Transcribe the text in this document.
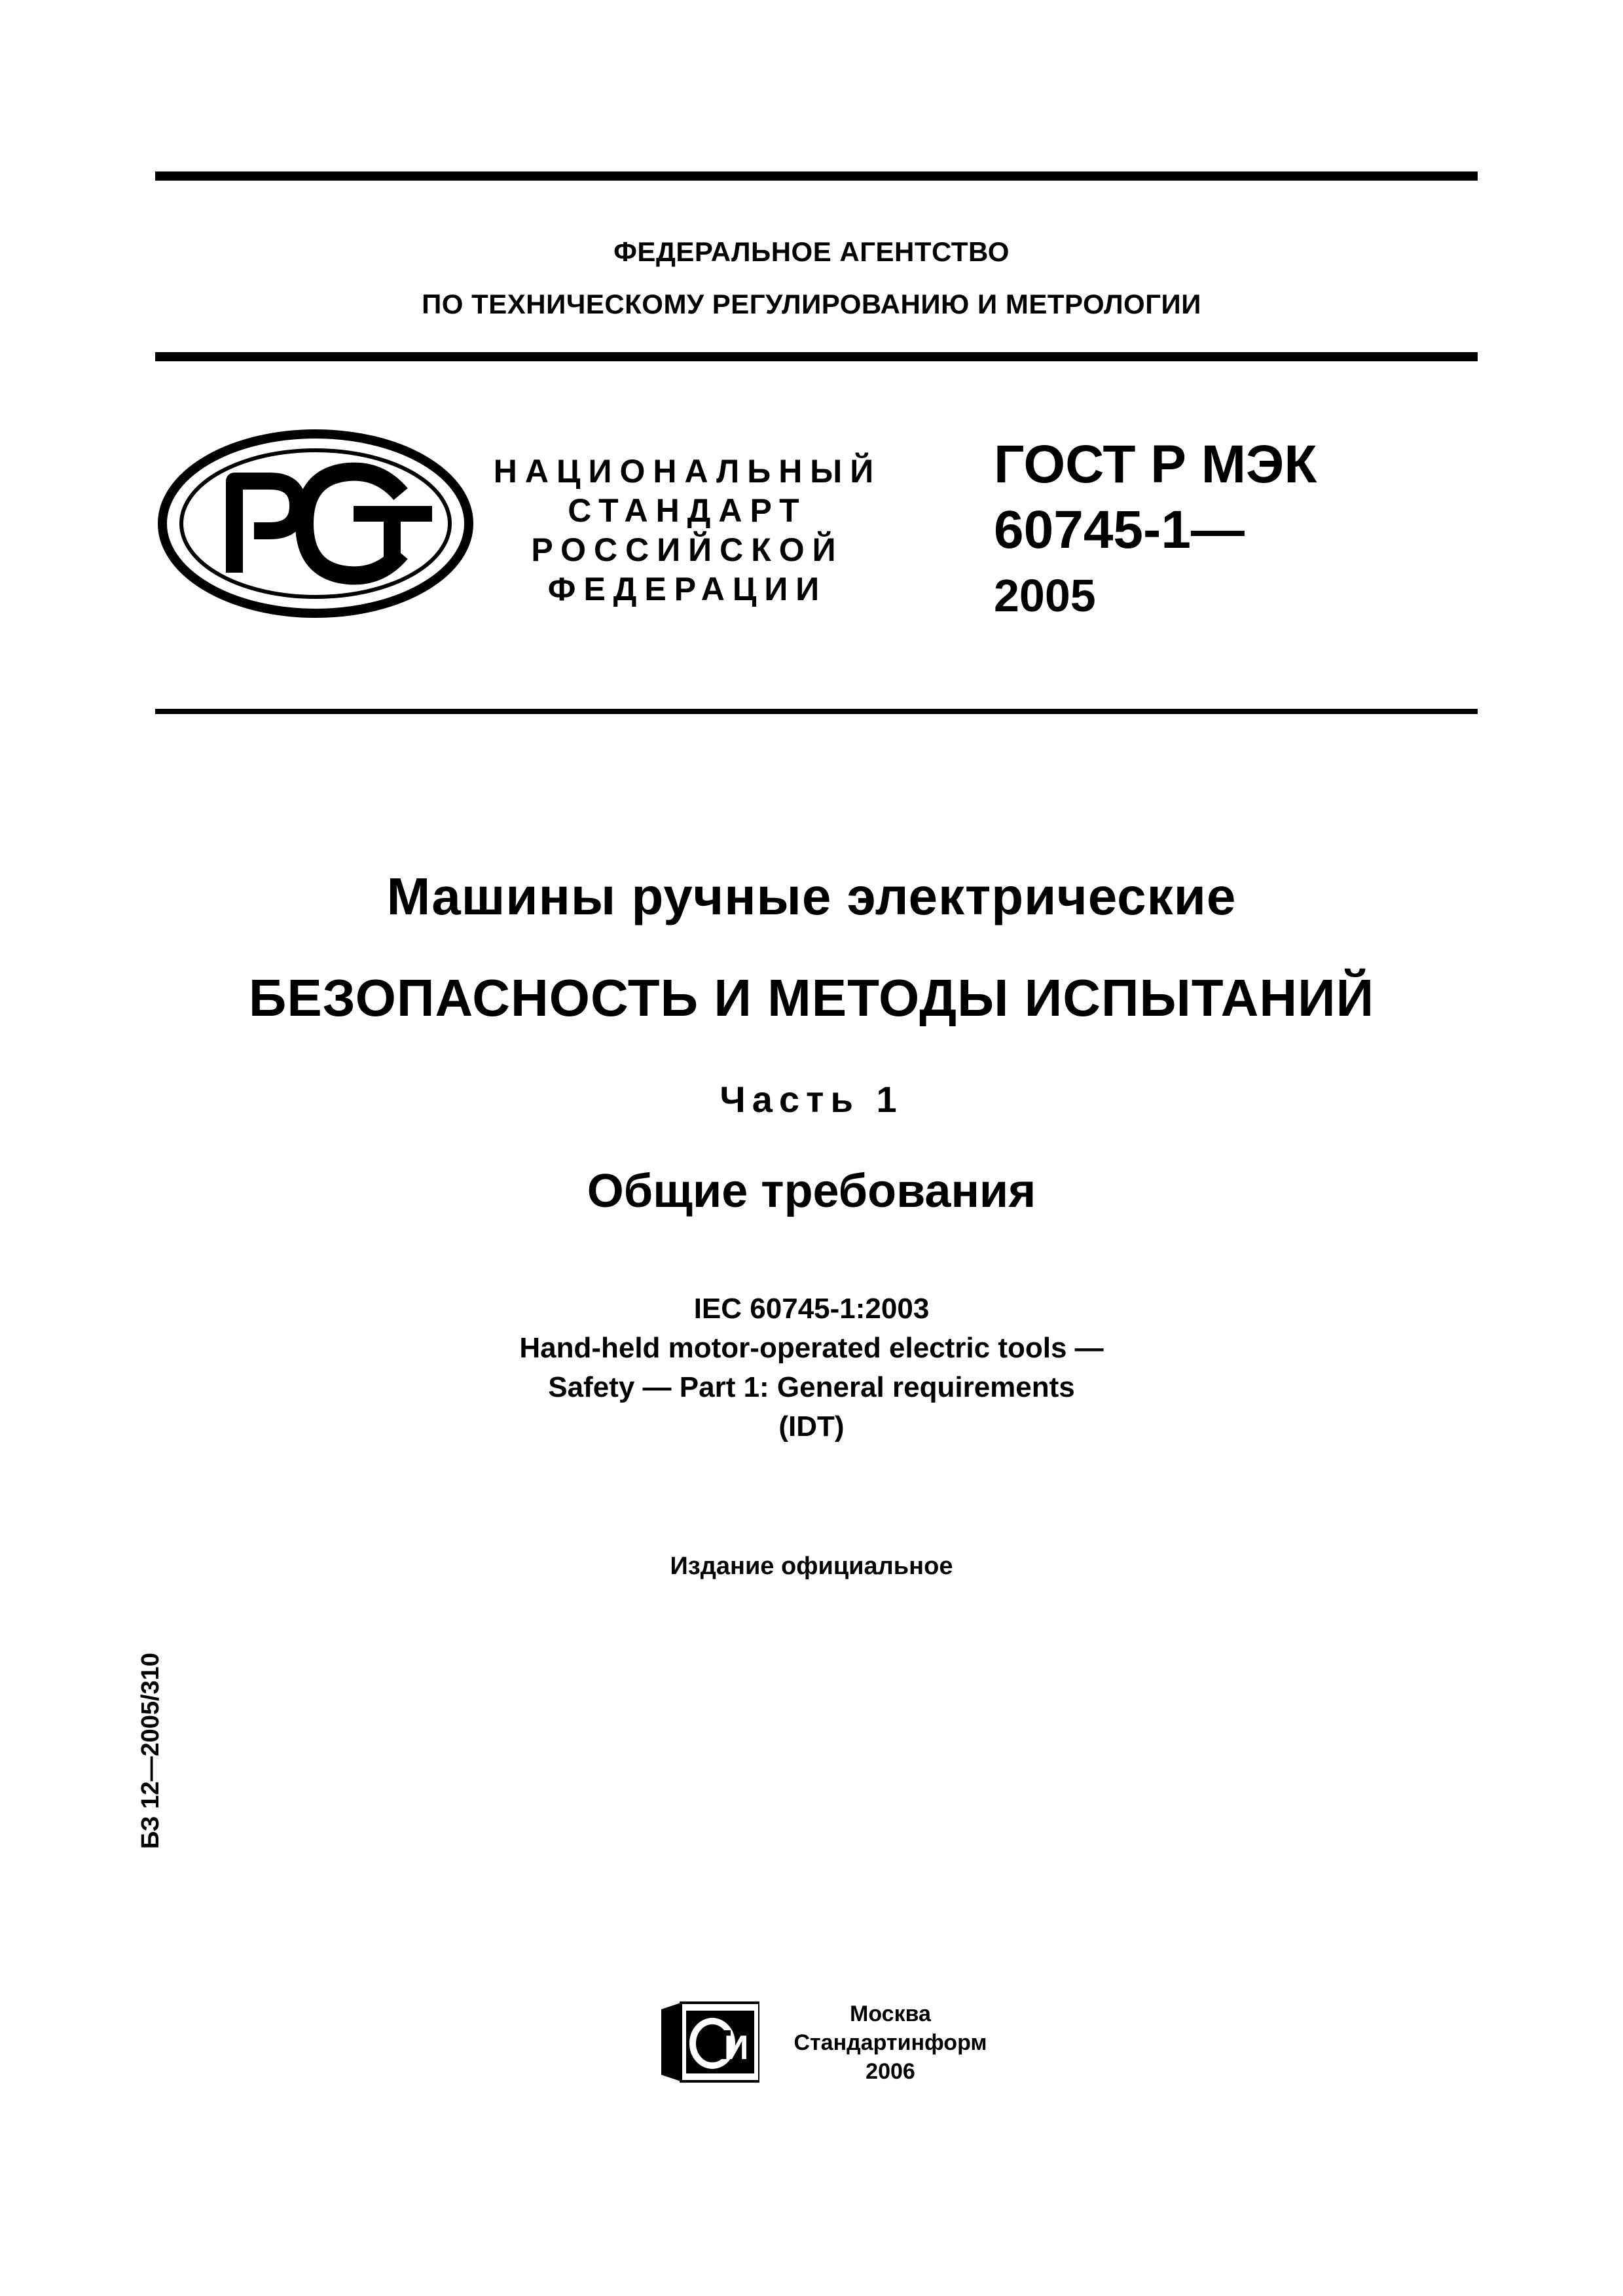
ФЕДЕРАЛЬНОЕ АГЕНТСТВО
ПО ТЕХНИЧЕСКОМУ РЕГУЛИРОВАНИЮ И МЕТРОЛОГИИ
НАЦИОНАЛЬНЫЙ
СТАНДАРТ
РОССИЙСКОЙ
ФЕДЕРАЦИИ
ГОСТ Р МЭК
60745-1—
2005
Машины ручные электрические
БЕЗОПАСНОСТЬ И МЕТОДЫ ИСПЫТАНИЙ
Часть 1
Общие требования
IEC 60745-1:2003
Hand-held motor-operated electric tools —
Safety — Part 1: General requirements
(IDT)
Издание официальное
БЗ 12—2005/310
И
Москва
Стандартинформ
2006
